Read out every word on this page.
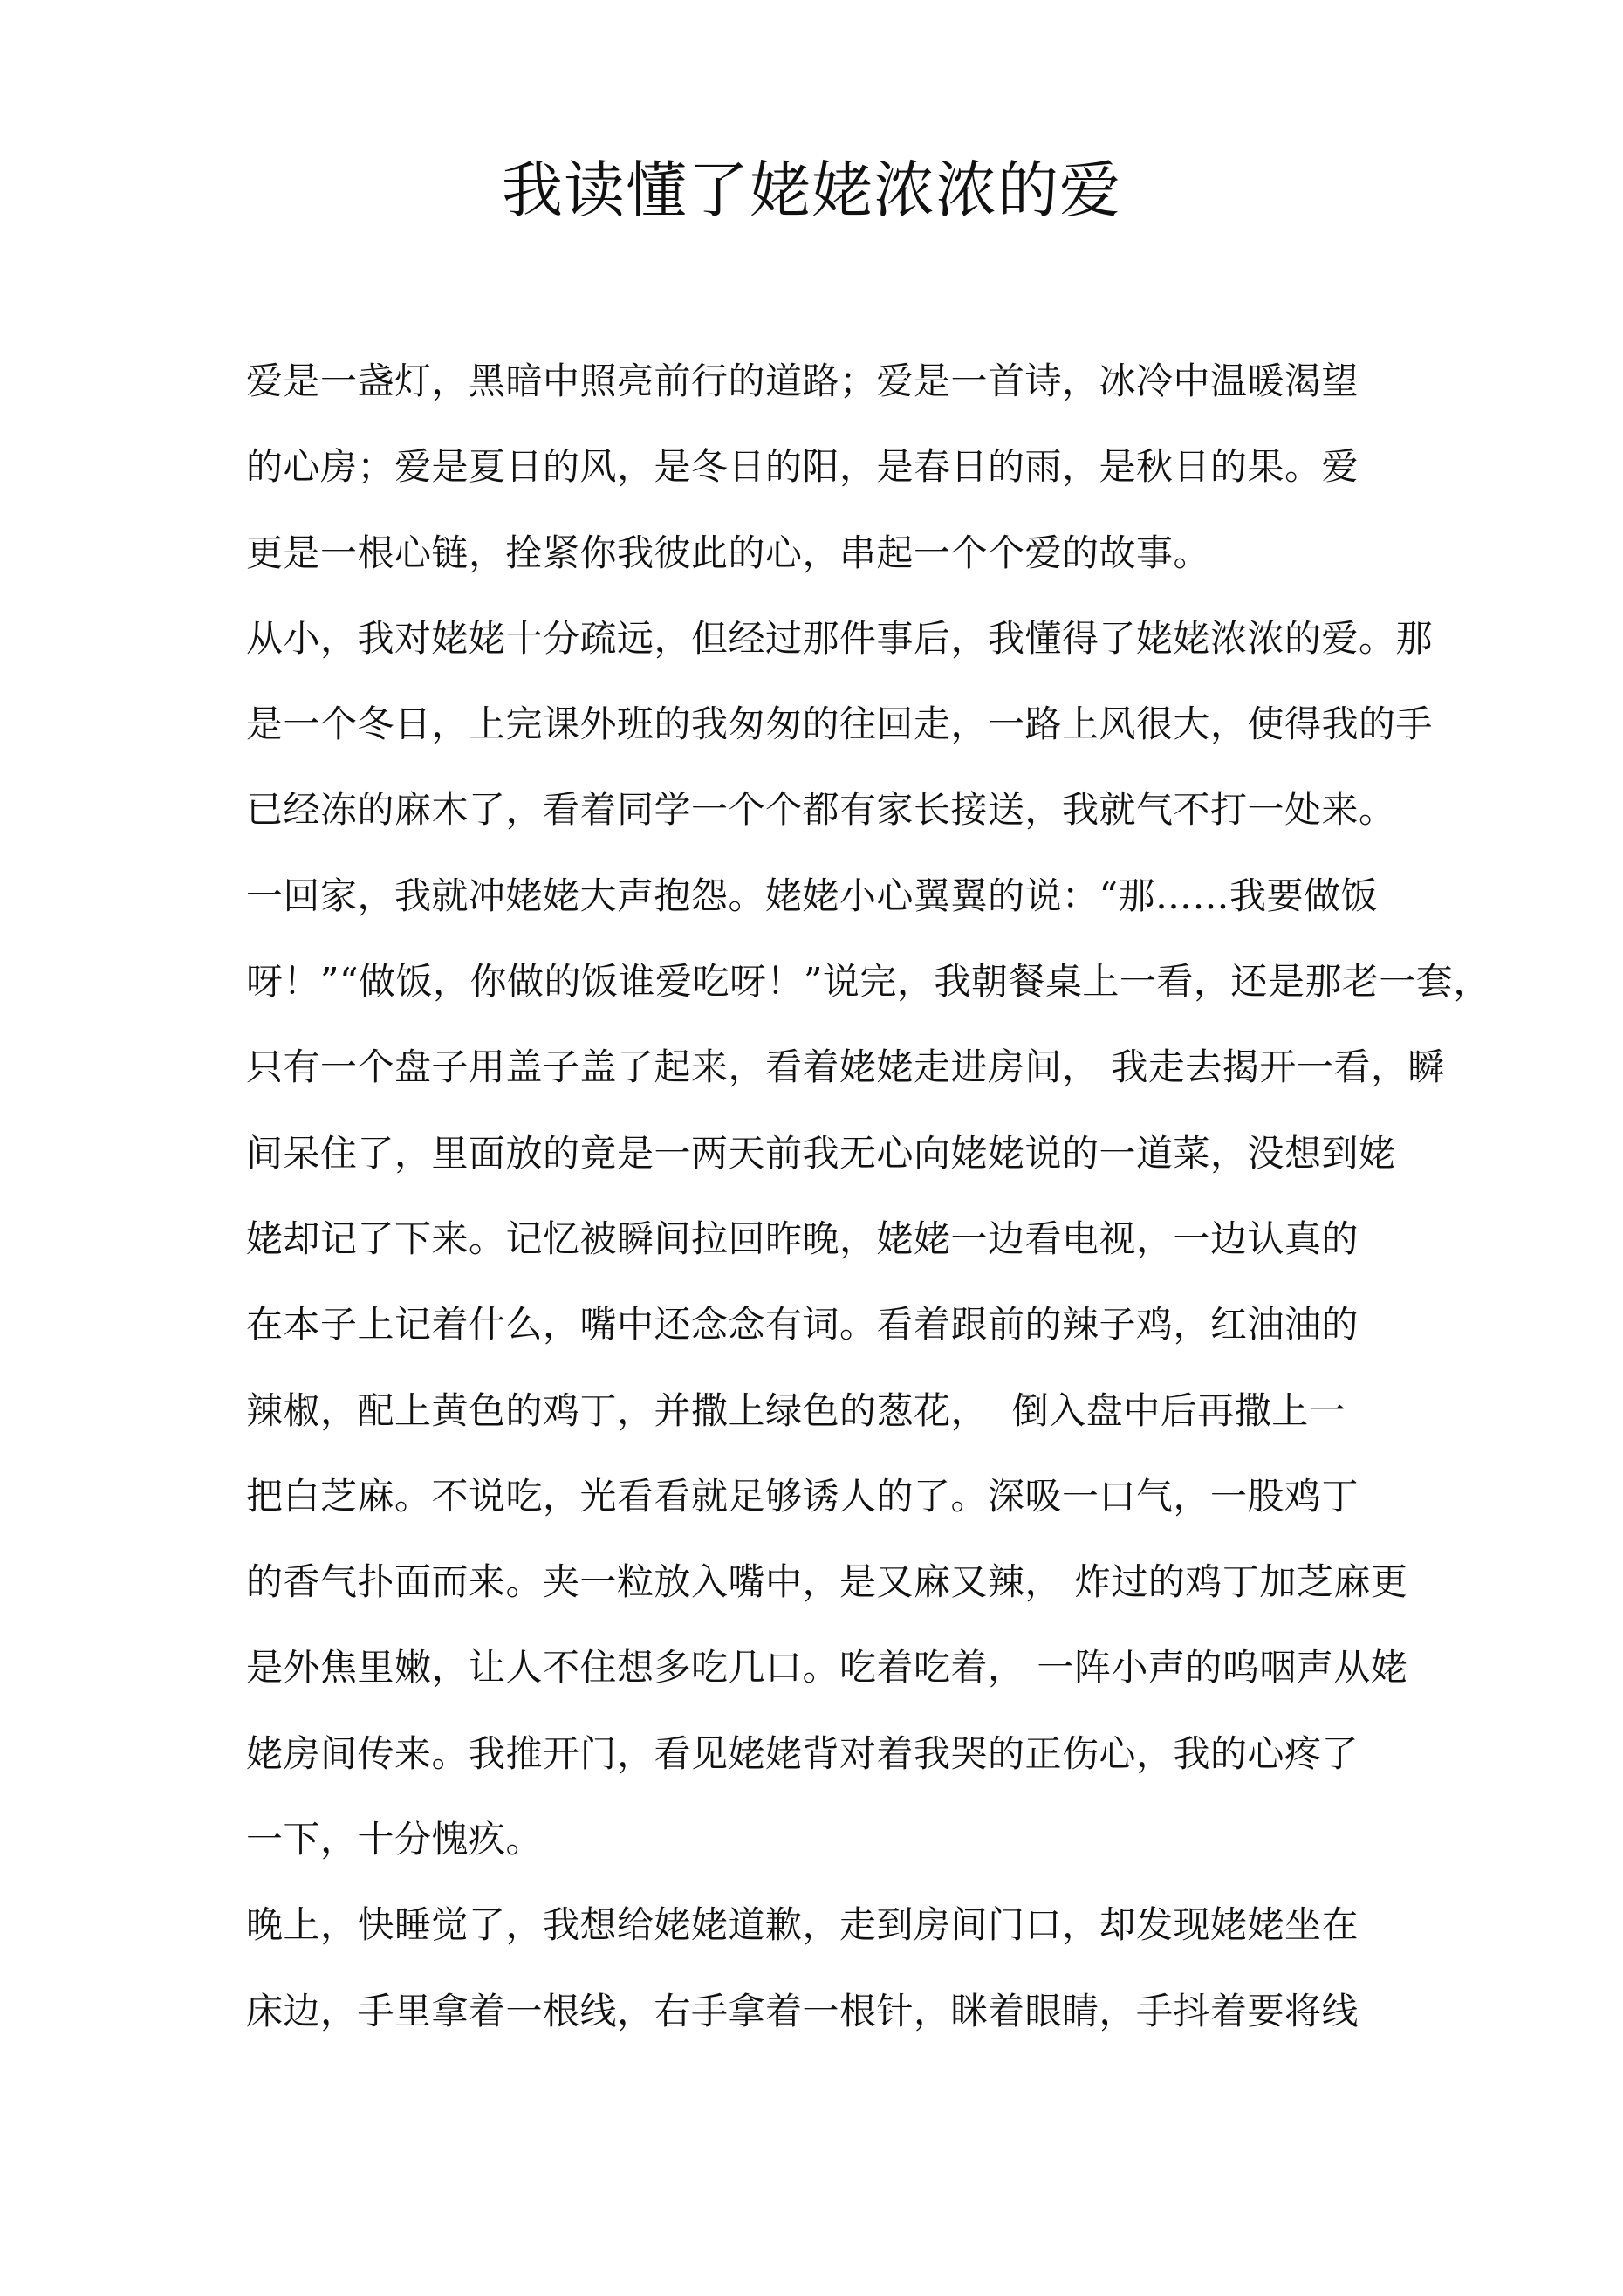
我读懂了姥姥浓浓的爱
爱是一盏灯，黑暗中照亮前行的道路；爱是一首诗，冰冷中温暖渴望
的心房；爱是夏日的风，是冬日的阳，是春日的雨，是秋日的果。爱
更是一根心链，拴紧你我彼此的心，串起一个个爱的故事。
从小，我对姥姥十分疏远，但经过那件事后，我懂得了姥姥浓浓的爱。那
是一个冬日，上完课外班的我匆匆的往回走，一路上风很大，使得我的手
已经冻的麻木了，看着同学一个个都有家长接送，我就气不打一处来。
一回家，我就冲姥姥大声抱怨。姥姥小心翼翼的说：“那……我要做饭
呀！”“做饭，你做的饭谁爱吃呀！”说完，我朝餐桌上一看，还是那老一套，
只有一个盘子用盖子盖了起来，看着姥姥走进房间， 我走去揭开一看，瞬
间呆住了，里面放的竟是一两天前我无心向姥姥说的一道菜，没想到姥
姥却记了下来。记忆被瞬间拉回昨晚，姥姥一边看电视，一边认真的
在本子上记着什么，嘴中还念念有词。看着跟前的辣子鸡，红油油的
辣椒，配上黄色的鸡丁，并撒上绿色的葱花，  倒入盘中后再撒上一
把白芝麻。不说吃，光看看就足够诱人的了。深吸一口气，一股鸡丁
的香气扑面而来。夹一粒放入嘴中，是又麻又辣， 炸过的鸡丁加芝麻更
是外焦里嫩，让人不住想多吃几口。吃着吃着， 一阵小声的呜咽声从姥
姥房间传来。我推开门，看见姥姥背对着我哭的正伤心，我的心疼了
一下，十分愧疚。
晚上，快睡觉了，我想给姥姥道歉，走到房间门口，却发现姥姥坐在
床边，手里拿着一根线，右手拿着一根针，眯着眼睛，手抖着要将线
